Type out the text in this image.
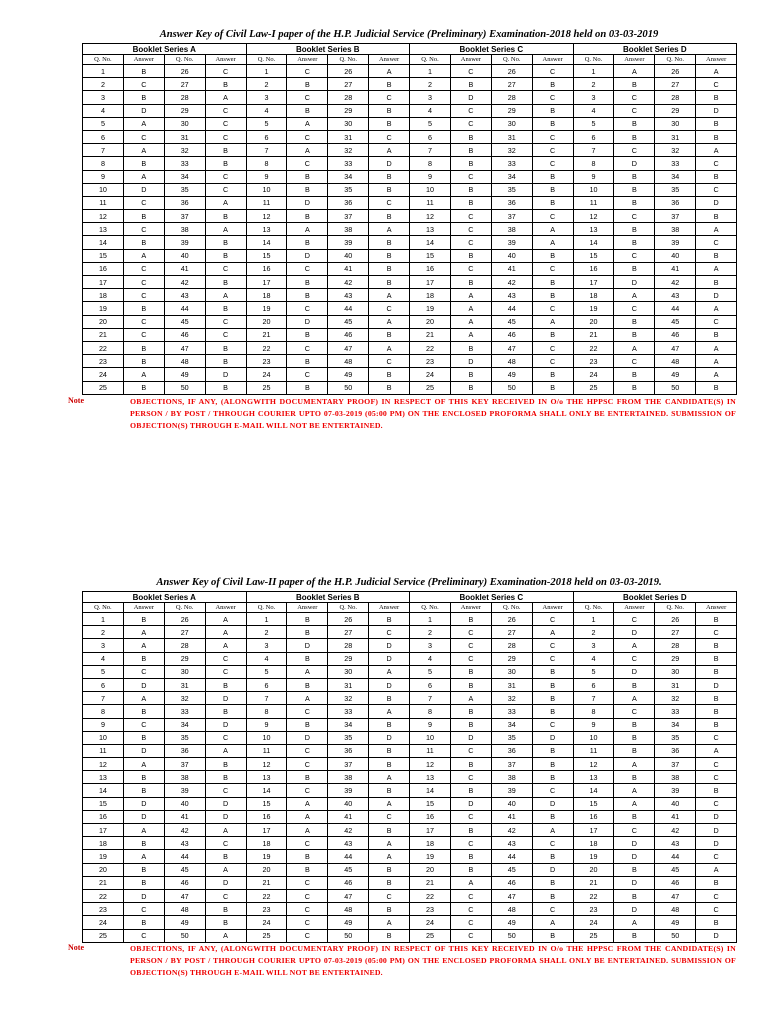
Answer Key of Civil Law-I paper of the H.P. Judicial Service (Preliminary) Examination-2018 held on 03-03-2019
Booklet Series A				Booklet Series B				Booklet Series C				Booklet Series D			
Q. No.	Answer	Q. No.	Answer	Q. No.	Answer	Q. No.	Answer	Q. No.	Answer	Q. No.	Answer	Q. No.	Answer	Q. No.	Answer
1	B	26	C	1	C	26	A	1	C	26	C	1	A	26	A
2	C	27	B	2	B	27	B	2	B	27	B	2	B	27	C
3	B	28	A	3	C	28	C	3	D	28	C	3	C	28	B
4	D	29	C	4	B	29	B	4	C	29	B	4	C	29	D
5	A	30	C	5	A	30	B	5	C	30	B	5	B	30	B
6	C	31	C	6	C	31	C	6	B	31	C	6	B	31	B
7	A	32	B	7	A	32	A	7	B	32	C	7	C	32	A
8	B	33	B	8	C	33	D	8	B	33	C	8	D	33	C
9	A	34	C	9	B	34	B	9	C	34	B	9	B	34	B
10	D	35	C	10	B	35	B	10	B	35	B	10	B	35	C
11	C	36	A	11	D	36	C	11	B	36	B	11	B	36	D
12	B	37	B	12	B	37	B	12	C	37	C	12	C	37	B
13	C	38	A	13	A	38	A	13	C	38	A	13	B	38	A
14	B	39	B	14	B	39	B	14	C	39	A	14	B	39	C
15	A	40	B	15	D	40	B	15	B	40	B	15	C	40	B
16	C	41	C	16	C	41	B	16	C	41	C	16	B	41	A
17	C	42	B	17	B	42	B	17	B	42	B	17	D	42	B
18	C	43	A	18	B	43	A	18	A	43	B	18	A	43	D
19	B	44	B	19	C	44	C	19	A	44	C	19	C	44	A
20	C	45	C	20	D	45	A	20	A	45	A	20	B	45	C
21	C	46	C	21	B	46	B	21	A	46	B	21	B	46	B
22	B	47	B	22	C	47	A	22	B	47	C	22	A	47	A
23	B	48	B	23	B	48	C	23	D	48	C	23	C	48	A
24	A	49	D	24	C	49	B	24	B	49	B	24	B	49	A
25	B	50	B	25	B	50	B	25	B	50	B	25	B	50	B
Note	OBJECTIONS, IF ANY, (ALONGWITH DOCUMENTARY PROOF) IN RESPECT OF THIS KEY RECEIVED IN O/o THE HPPSC FROM THE CANDIDATE(S) IN PERSON / BY POST / THROUGH COURIER UPTO 07-03-2019 (05:00 PM) ON THE ENCLOSED PROFORMA SHALL ONLY BE ENTERTAINED. SUBMISSION OF OBJECTION(S) THROUGH E-MAIL WILL NOT BE ENTERTAINED.
Answer Key of Civil Law-II paper of the H.P. Judicial Service (Preliminary) Examination-2018 held on 03-03-2019.
Booklet Series A				Booklet Series B				Booklet Series C				Booklet Series D			
Q. No.	Answer	Q. No.	Answer	Q. No.	Answer	Q. No.	Answer	Q. No.	Answer	Q. No.	Answer	Q. No.	Answer	Q. No.	Answer
1	B	26	A	1	B	26	B	1	B	26	C	1	C	26	B
2	A	27	A	2	B	27	C	2	C	27	A	2	D	27	C
3	A	28	A	3	D	28	D	3	C	28	C	3	A	28	B
4	B	29	C	4	B	29	D	4	C	29	C	4	C	29	B
5	C	30	C	5	A	30	A	5	B	30	B	5	D	30	B
6	D	31	B	6	B	31	D	6	B	31	B	6	B	31	D
7	A	32	D	7	A	32	B	7	A	32	B	7	A	32	B
8	B	33	B	8	C	33	A	8	B	33	B	8	C	33	B
9	C	34	D	9	B	34	B	9	B	34	C	9	B	34	B
10	B	35	C	10	D	35	D	10	D	35	D	10	B	35	C
11	D	36	A	11	C	36	B	11	C	36	B	11	B	36	A
12	A	37	B	12	C	37	B	12	B	37	B	12	A	37	C
13	B	38	B	13	B	38	A	13	C	38	B	13	B	38	C
14	B	39	C	14	C	39	B	14	B	39	C	14	A	39	B
15	D	40	D	15	A	40	A	15	D	40	D	15	A	40	C
16	D	41	D	16	A	41	C	16	C	41	B	16	B	41	D
17	A	42	A	17	A	42	B	17	B	42	A	17	C	42	D
18	B	43	C	18	C	43	A	18	C	43	C	18	D	43	D
19	A	44	B	19	B	44	A	19	B	44	B	19	D	44	C
20	B	45	A	20	B	45	B	20	B	45	D	20	B	45	A
21	B	46	D	21	C	46	B	21	A	46	B	21	D	46	B
22	D	47	C	22	C	47	C	22	C	47	B	22	B	47	C
23	C	48	B	23	C	48	B	23	C	48	C	23	D	48	C
24	B	49	B	24	C	49	A	24	C	49	A	24	A	49	B
25	C	50	A	25	C	50	B	25	C	50	B	25	B	50	D
Note	OBJECTIONS, IF ANY, (ALONGWITH DOCUMENTARY PROOF) IN RESPECT OF THIS KEY RECEIVED IN O/o THE HPPSC FROM THE CANDIDATE(S) IN PERSON / BY POST / THROUGH COURIER UPTO 07-03-2019 (05:00 PM) ON THE ENCLOSED PROFORMA SHALL ONLY BE ENTERTAINED. SUBMISSION OF OBJECTION(S) THROUGH E-MAIL WILL NOT BE ENTERTAINED.
